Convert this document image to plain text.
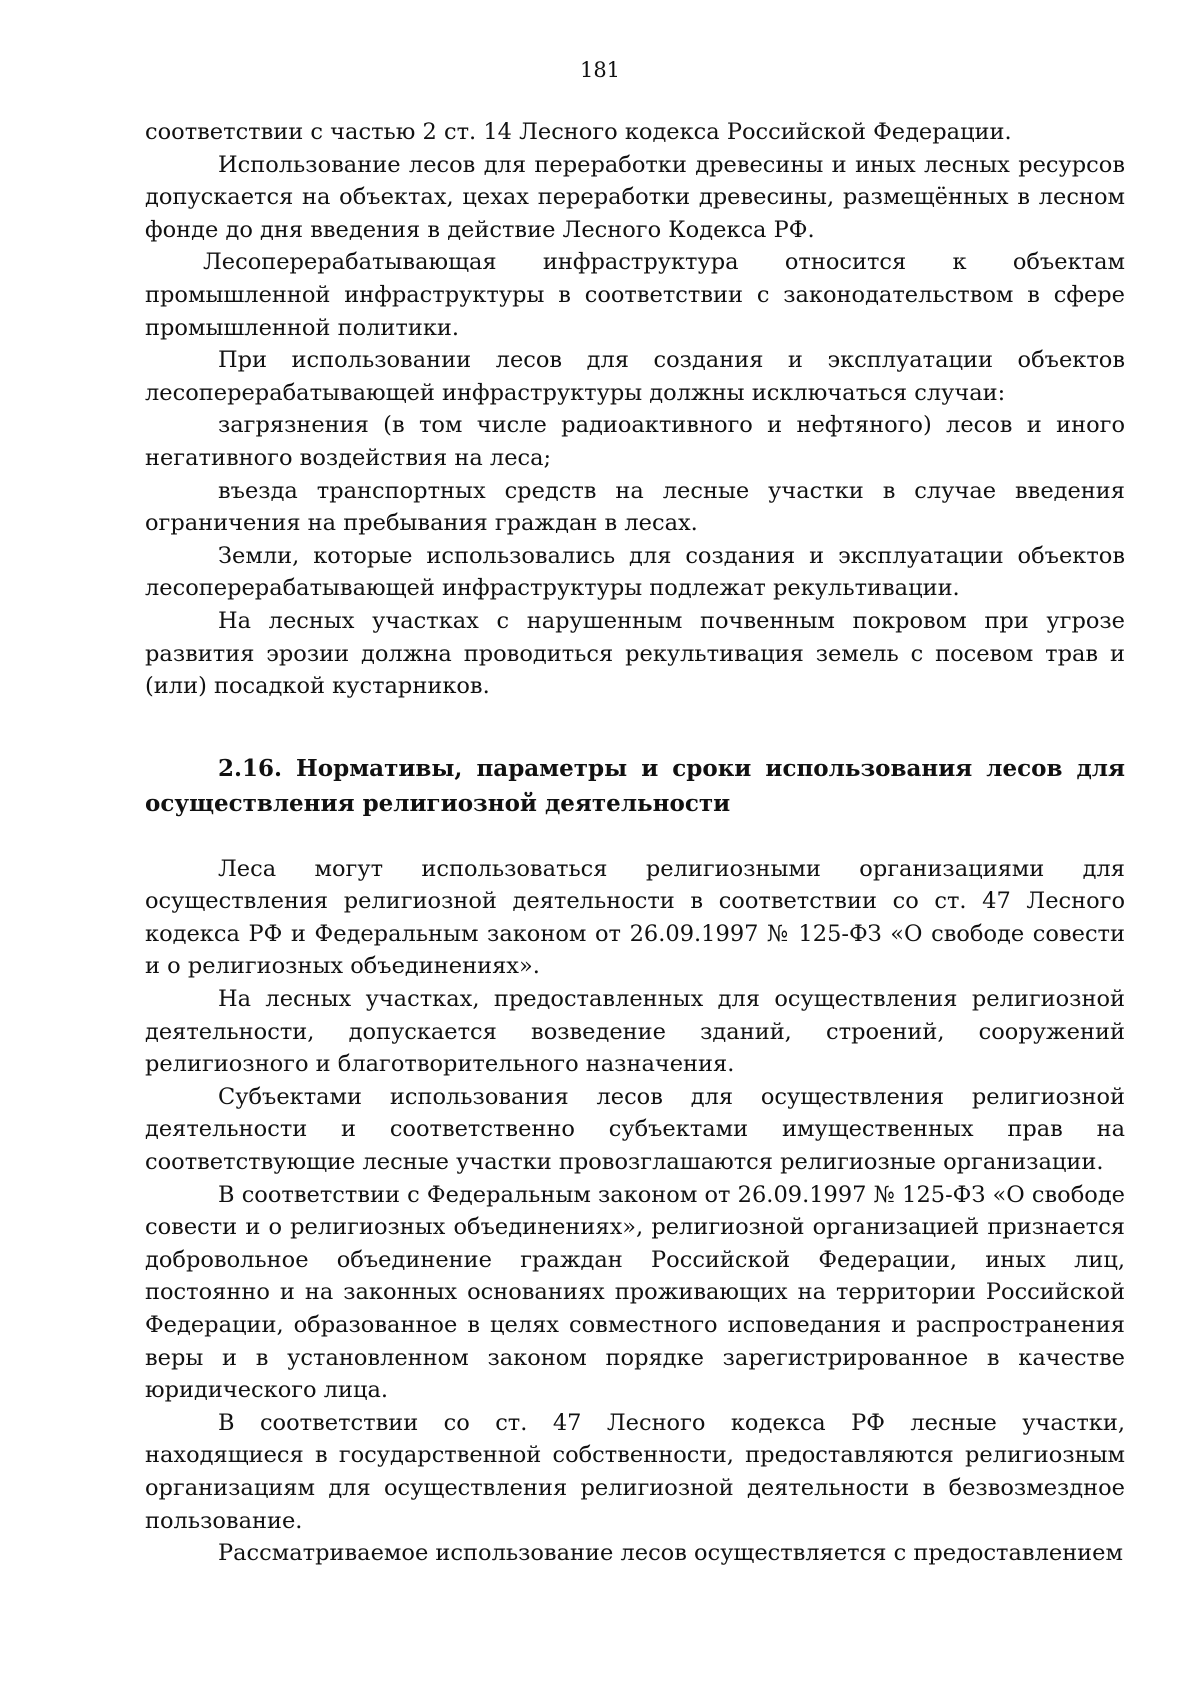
181

соответствии с частью 2 ст. 14 Лесного кодекса Российской Федерации.

Использование лесов для переработки древесины и иных лесных ресурсов допускается на объектах, цехах переработки древесины, размещённых в лесном фонде до дня введения в действие Лесного Кодекса РФ.

Лесоперерабатывающая инфраструктура относится к объектам промышленной инфраструктуры в соответствии с законодательством в сфере промышленной политики.

При использовании лесов для создания и эксплуатации объектов лесоперерабатывающей инфраструктуры должны исключаться случаи:

загрязнения (в том числе радиоактивного и нефтяного) лесов и иного негативного воздействия на леса;

въезда транспортных средств на лесные участки в случае введения ограничения на пребывания граждан в лесах.

Земли, которые использовались для создания и эксплуатации объектов лесоперерабатывающей инфраструктуры подлежат рекультивации.

На лесных участках с нарушенным почвенным покровом при угрозе развития эрозии должна проводиться рекультивация земель с посевом трав и (или) посадкой кустарников.

2.16. Нормативы, параметры и сроки использования лесов для осуществления религиозной деятельности

Леса могут использоваться религиозными организациями для осуществления религиозной деятельности в соответствии со ст. 47 Лесного кодекса РФ и Федеральным законом от 26.09.1997 № 125-ФЗ «О свободе совести и о религиозных объединениях».

На лесных участках, предоставленных для осуществления религиозной деятельности, допускается возведение зданий, строений, сооружений религиозного и благотворительного назначения.

Субъектами использования лесов для осуществления религиозной деятельности и соответственно субъектами имущественных прав на соответствующие лесные участки провозглашаются религиозные организации.

В соответствии с Федеральным законом от 26.09.1997 № 125-ФЗ «О свободе совести и о религиозных объединениях», религиозной организацией признается добровольное объединение граждан Российской Федерации, иных лиц, постоянно и на законных основаниях проживающих на территории Российской Федерации, образованное в целях совместного исповедания и распространения веры и в установленном законом порядке зарегистрированное в качестве юридического лица.

В соответствии со ст. 47 Лесного кодекса РФ лесные участки, находящиеся в государственной собственности, предоставляются религиозным организациям для осуществления религиозной деятельности в безвозмездное пользование.

Рассматриваемое использование лесов осуществляется с предоставлением
